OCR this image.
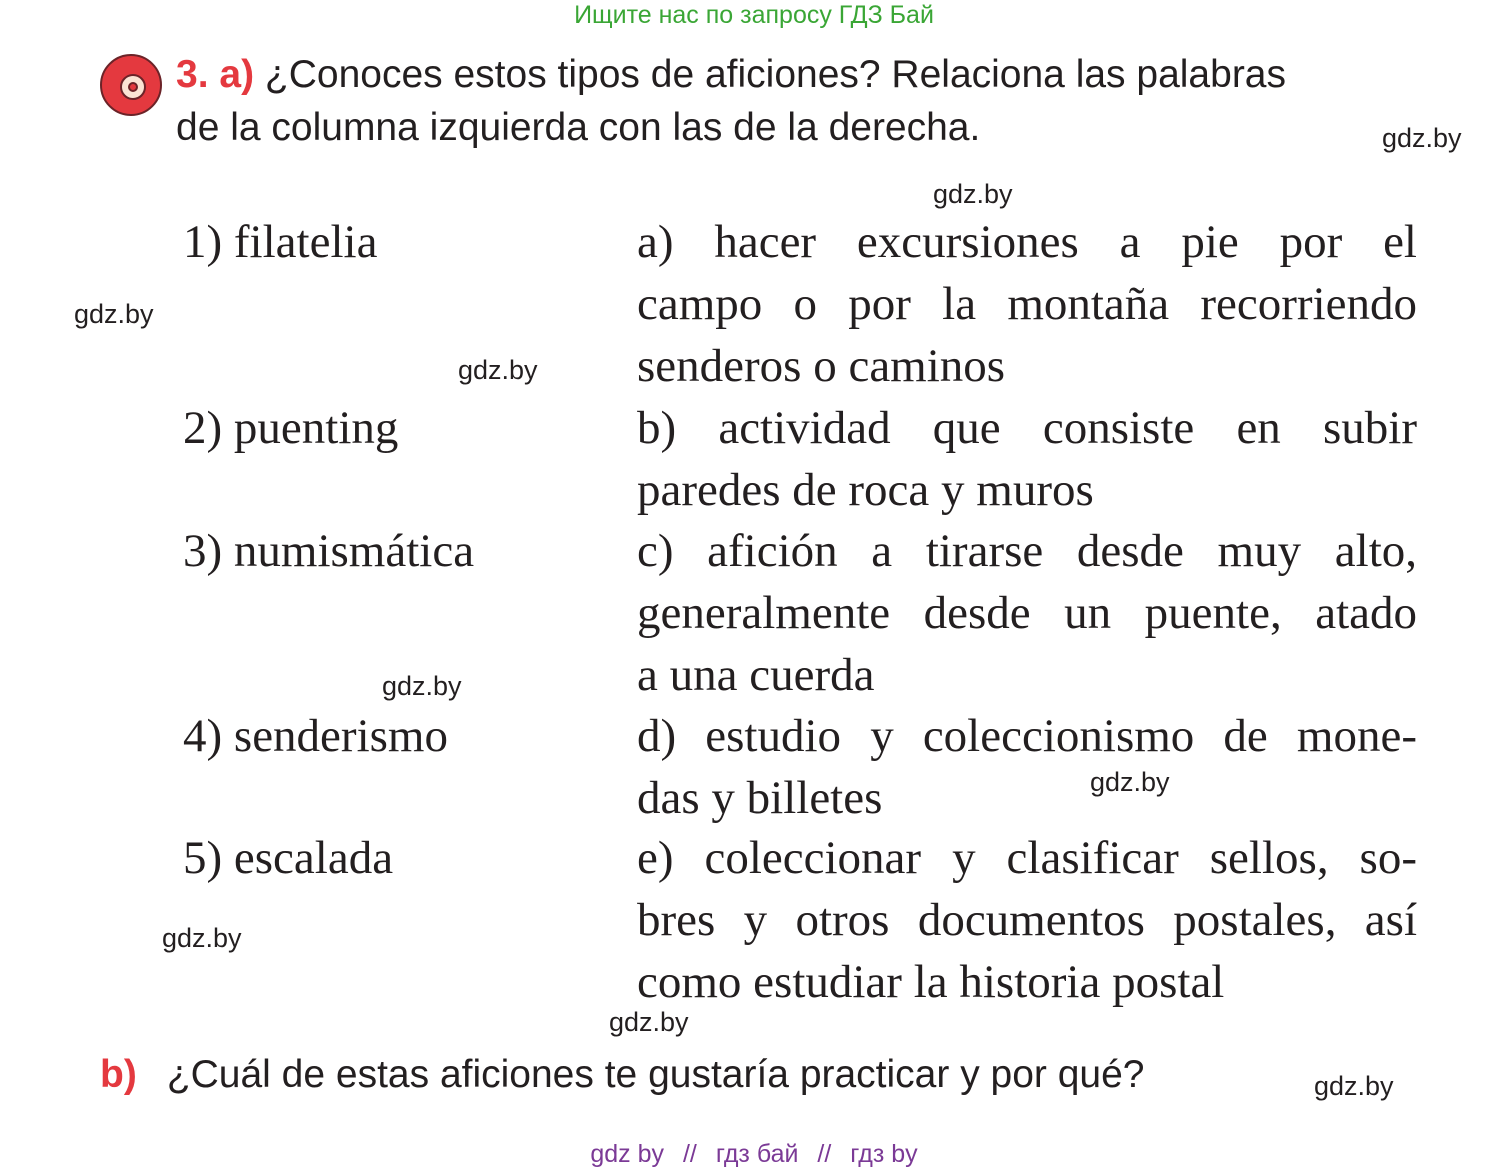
Ищите нас по запросу ГДЗ Бай
3. a) ¿Conoces estos tipos de aficiones? Relaciona las palabras
de la columna izquierda con las de la derecha.
1) filatelia
2) puenting
3) numismática
4) senderismo
5) escalada
a) hacer excursiones a pie por el
campo o por la montaña recorriendo
senderos o caminos
b) actividad que consiste en subir
paredes de roca y muros
c) afición a tirarse desde muy alto,
generalmente desde un puente, atado
a una cuerda
d) estudio y coleccionismo de mone-
das y billetes
e) coleccionar y clasificar sellos, so-
bres y otros documentos postales, así
como estudiar la historia postal
b) ¿Cuál de estas aficiones te gustaría practicar y por qué?
gdz.by
gdz.by
gdz.by
gdz.by
gdz.by
gdz.by
gdz.by
gdz.by
gdz.by
gdz by // гдз бай // гдз by
